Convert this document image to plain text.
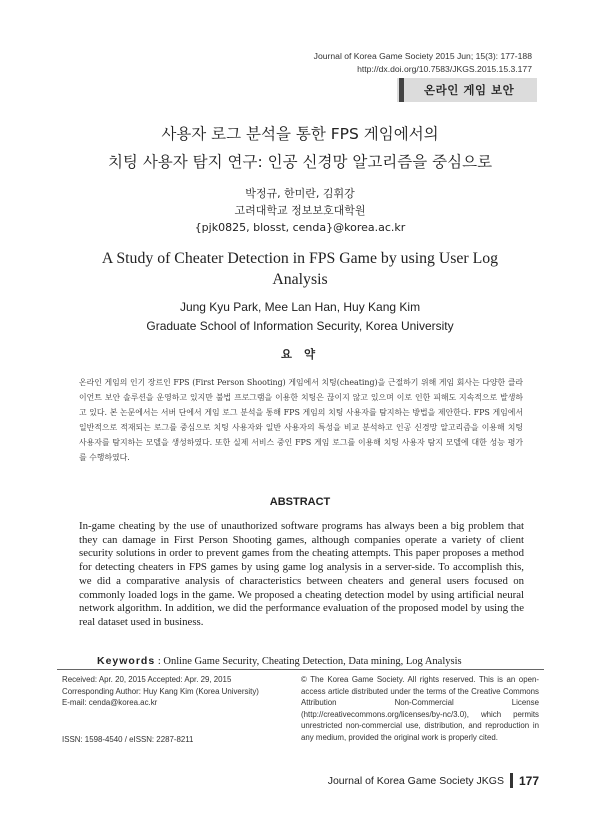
Journal of Korea Game Society 2015 Jun; 15(3): 177-188
http://dx.doi.org/10.7583/JKGS.2015.15.3.177
온라인 게임 보안
사용자 로그 분석을 통한 FPS 게임에서의
치팅 사용자 탐지 연구: 인공 신경망 알고리즘을 중심으로
박정규, 한미란, 김휘강
고려대학교 정보보호대학원
{pjk0825, blosst, cenda}@korea.ac.kr
A Study of Cheater Detection in FPS Game by using User Log Analysis
Jung Kyu Park, Mee Lan Han, Huy Kang Kim
Graduate School of Information Security, Korea University
요 약
온라인 게임의 인기 장르인 FPS (First Person Shooting) 게임에서 치팅(cheating)을 근절하기 위해 게임 회사는 다양한 클라이언트 보안 솔루션을 운영하고 있지만 불법 프로그램을 이용한 치팅은 끊이지 않고 있으며 이로 인한 피해도 지속적으로 발생하고 있다. 본 논문에서는 서버 단에서 게임 로그 분석을 통해 FPS 게임의 치팅 사용자를 탐지하는 방법을 제안한다. FPS 게임에서 일반적으로 적재되는 로그를 중심으로 치팅 사용자와 일반 사용자의 특성을 비교 분석하고 인공 신경망 알고리즘을 이용해 치팅 사용자를 탐지하는 모델을 생성하였다. 또한 실제 서비스 중인 FPS 게임 로그를 이용해 치팅 사용자 탐지 모델에 대한 성능 평가를 수행하였다.
ABSTRACT
In-game cheating by the use of unauthorized software programs has always been a big problem that they can damage in First Person Shooting games, although companies operate a variety of client security solutions in order to prevent games from the cheating attempts. This paper proposes a method for detecting cheaters in FPS games by using game log analysis in a server-side. To accomplish this, we did a comparative analysis of characteristics between cheaters and general users focused on commonly loaded logs in the game. We proposed a cheating detection model by using artificial neural network algorithm. In addition, we did the performance evaluation of the proposed model by using the real dataset used in business.
Keywords : Online Game Security, Cheating Detection, Data mining, Log Analysis
Received: Apr. 20, 2015 Accepted: Apr. 29, 2015
Corresponding Author: Huy Kang Kim (Korea University)
E-mail: cenda@korea.ac.kr
ISSN: 1598-4540 / eISSN: 2287-8211
© The Korea Game Society. All rights reserved. This is an open-access article distributed under the terms of the Creative Commons Attribution Non-Commercial License (http://creativecommons.org/licenses/by-nc/3.0), which permits unrestricted non-commercial use, distribution, and reproduction in any medium, provided the original work is properly cited.
Journal of Korea Game Society JKGS 177
